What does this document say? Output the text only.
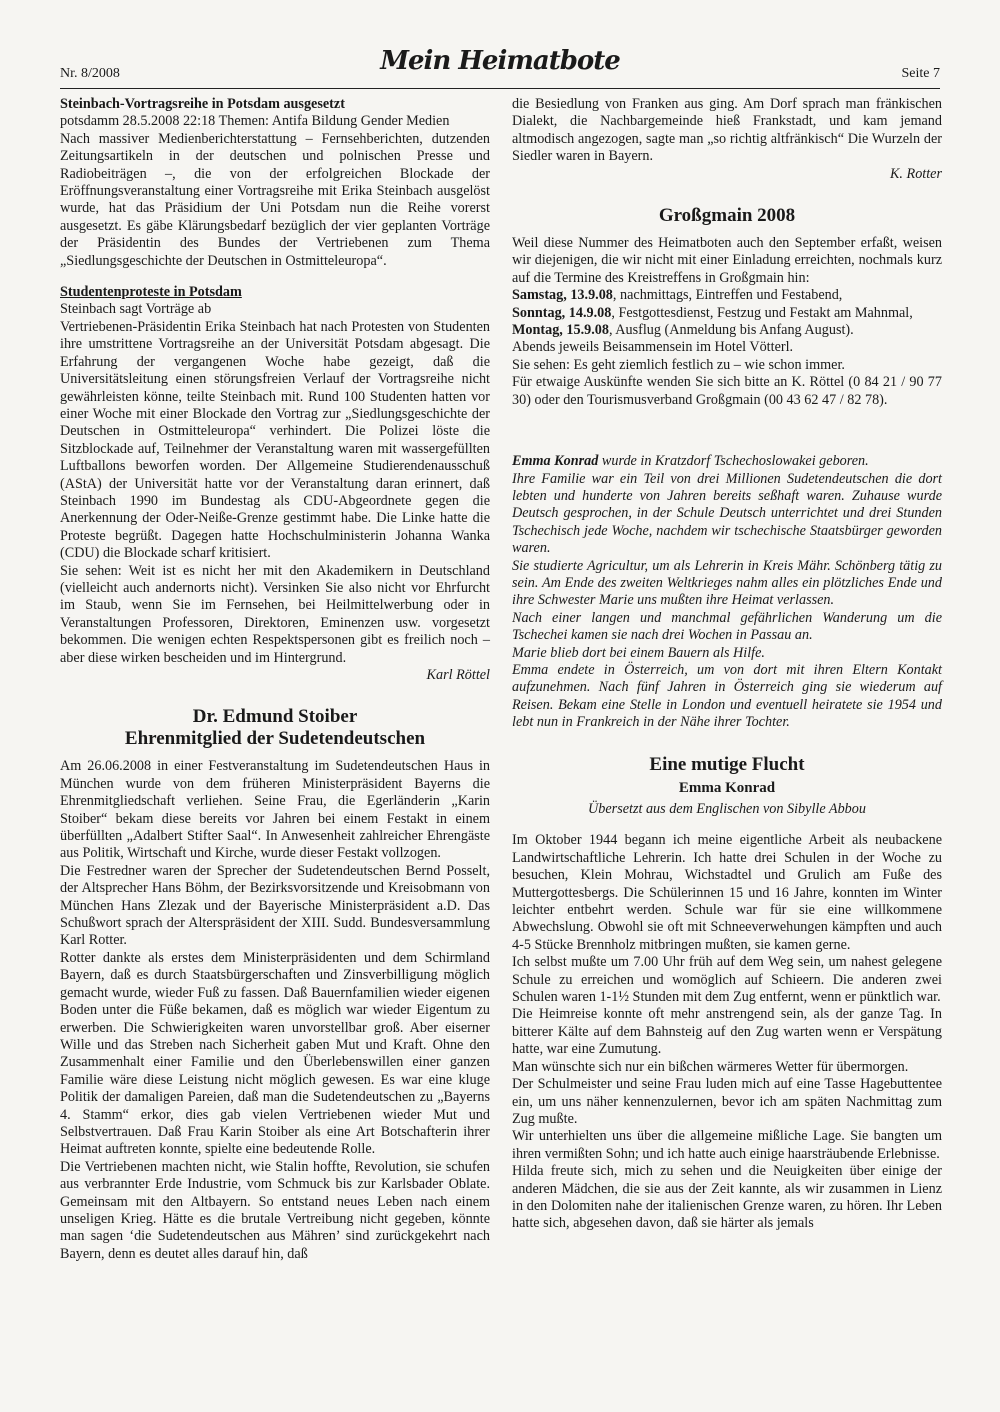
Nr. 8/2008	Mein Heimatbote	Seite 7

Steinbach-Vortragsreihe in Potsdam ausgesetzt

potsdamm 28.5.2008 22:18 Themen: Antifa Bildung Gender Medien

Nach massiver Medienberichterstattung – Fernsehberichten, dutzenden Zeitungsartikeln in der deutschen und polnischen Presse und Radiobeiträgen –, die von der erfolgreichen Blockade der Eröffnungsveranstaltung einer Vortragsreihe mit Erika Steinbach ausgelöst wurde, hat das Präsidium der Uni Potsdam nun die Reihe vorerst ausgesetzt. Es gäbe Klärungsbedarf bezüglich der vier geplanten Vorträge der Präsidentin des Bundes der Vertriebenen zum Thema „Siedlungsgeschichte der Deutschen in Ostmitteleuropa“.

Studentenproteste in Potsdam

Steinbach sagt Vorträge ab

Vertriebenen-Präsidentin Erika Steinbach hat nach Protesten von Studenten ihre umstrittene Vortragsreihe an der Universität Potsdam abgesagt. Die Erfahrung der vergangenen Woche habe gezeigt, daß die Universitätsleitung einen störungsfreien Verlauf der Vortragsreihe nicht gewährleisten könne, teilte Steinbach mit. Rund 100 Studenten hatten vor einer Woche mit einer Blockade den Vortrag zur „Siedlungsgeschichte der Deutschen in Ostmitteleuropa“ verhindert. Die Polizei löste die Sitzblockade auf, Teilnehmer der Veranstaltung waren mit wassergefüllten Luftballons beworfen worden. Der Allgemeine Studierendenausschuß (AStA) der Universität hatte vor der Veranstaltung daran erinnert, daß Steinbach 1990 im Bundestag als CDU-Abgeordnete gegen die Anerkennung der Oder-Neiße-Grenze gestimmt habe. Die Linke hatte die Proteste begrüßt. Dagegen hatte Hochschulministerin Johanna Wanka (CDU) die Blockade scharf kritisiert.

Sie sehen: Weit ist es nicht her mit den Akademikern in Deutschland (vielleicht auch andernorts nicht). Versinken Sie also nicht vor Ehrfurcht im Staub, wenn Sie im Fernsehen, bei Heilmittelwerbung oder in Veranstaltungen Professoren, Direktoren, Eminenzen usw. vorgesetzt bekommen. Die wenigen echten Respektspersonen gibt es freilich noch – aber diese wirken bescheiden und im Hintergrund.

Karl Röttel

Dr. Edmund Stoiber

Ehrenmitglied der Sudetendeutschen

Am 26.06.2008 in einer Festveranstaltung im Sudetendeutschen Haus in München wurde von dem früheren Ministerpräsident Bayerns die Ehrenmitgliedschaft verliehen. Seine Frau, die Egerländerin „Karin Stoiber“ bekam diese bereits vor Jahren bei einem Festakt in einem überfüllten „Adalbert Stifter Saal“. In Anwesenheit zahlreicher Ehrengäste aus Politik, Wirtschaft und Kirche, wurde dieser Festakt vollzogen.

Die Festredner waren der Sprecher der Sudetendeutschen Bernd Posselt, der Altsprecher Hans Böhm, der Bezirksvorsitzende und Kreisobmann von München Hans Zlezak und der Bayerische Ministerpräsident a.D. Das Schußwort sprach der Alterspräsident der XIII. Sudd. Bundesversammlung Karl Rotter.

Rotter dankte als erstes dem Ministerpräsidenten und dem Schirmland Bayern, daß es durch Staatsbürgerschaften und Zinsverbilligung möglich gemacht wurde, wieder Fuß zu fassen. Daß Bauernfamilien wieder eigenen Boden unter die Füße bekamen, daß es möglich war wieder Eigentum zu erwerben. Die Schwierigkeiten waren unvorstellbar groß. Aber eiserner Wille und das Streben nach Sicherheit gaben Mut und Kraft. Ohne den Zusammenhalt einer Familie und den Überlebenswillen einer ganzen Familie wäre diese Leistung nicht möglich gewesen. Es war eine kluge Politik der damaligen Pareien, daß man die Sudetendeutschen zu „Bayerns 4. Stamm“ erkor, dies gab vielen Vertriebenen wieder Mut und Selbstvertrauen. Daß Frau Karin Stoiber als eine Art Botschafterin ihrer Heimat auftreten konnte, spielte eine bedeutende Rolle.

Die Vertriebenen machten nicht, wie Stalin hoffte, Revolution, sie schufen aus verbrannter Erde Industrie, vom Schmuck bis zur Karlsbader Oblate. Gemeinsam mit den Altbayern. So entstand neues Leben nach einem unseligen Krieg. Hätte es die brutale Vertreibung nicht gegeben, könnte man sagen ‘die Sudetendeutschen aus Mähren’ sind zurückgekehrt nach Bayern, denn es deutet alles darauf hin, daß

die Besiedlung von Franken aus ging. Am Dorf sprach man fränkischen Dialekt, die Nachbargemeinde hieß Frankstadt, und kam jemand altmodisch angezogen, sagte man „so richtig altfränkisch“ Die Wurzeln der Siedler waren in Bayern.

K. Rotter

Großgmain 2008

Weil diese Nummer des Heimatboten auch den September erfaßt, weisen wir diejenigen, die wir nicht mit einer Einladung erreichten, nochmals kurz auf die Termine des Kreistreffens in Großgmain hin:

Samstag, 13.9.08, nachmittags, Eintreffen und Festabend,

Sonntag, 14.9.08, Festgottesdienst, Festzug und Festakt am Mahnmal,

Montag, 15.9.08, Ausflug (Anmeldung bis Anfang August).

Abends jeweils Beisammensein im Hotel Vötterl.

Sie sehen: Es geht ziemlich festlich zu – wie schon immer.

Für etwaige Auskünfte wenden Sie sich bitte an K. Röttel (0 84 21 / 90 77 30) oder den Tourismusverband Großgmain (00 43 62 47 / 82 78).

Emma Konrad wurde in Kratzdorf Tschechoslowakei geboren.

Ihre Familie war ein Teil von drei Millionen Sudetendeutschen die dort lebten und hunderte von Jahren bereits seßhaft waren. Zuhause wurde Deutsch gesprochen, in der Schule Deutsch unterrichtet und drei Stunden Tschechisch jede Woche, nachdem wir tschechische Staatsbürger geworden waren.

Sie studierte Agricultur, um als Lehrerin in Kreis Mähr. Schönberg tätig zu sein. Am Ende des zweiten Weltkrieges nahm alles ein plötzliches Ende und ihre Schwester Marie uns mußten ihre Heimat verlassen.

Nach einer langen und manchmal gefährlichen Wanderung um die Tschechei kamen sie nach drei Wochen in Passau an.

Marie blieb dort bei einem Bauern als Hilfe.

Emma endete in Österreich, um von dort mit ihren Eltern Kontakt aufzunehmen. Nach fünf Jahren in Österreich ging sie wiederum auf Reisen. Bekam eine Stelle in London und eventuell heiratete sie 1954 und lebt nun in Frankreich in der Nähe ihrer Tochter.

Eine mutige Flucht

Emma Konrad

Übersetzt aus dem Englischen von Sibylle Abbou

Im Oktober 1944 begann ich meine eigentliche Arbeit als neubackene Landwirtschaftliche Lehrerin. Ich hatte drei Schulen in der Woche zu besuchen, Klein Mohrau, Wichstadtel und Grulich am Fuße des Muttergottesbergs. Die Schülerinnen 15 und 16 Jahre, konnten im Winter leichter entbehrt werden. Schule war für sie eine willkommene Abwechslung. Obwohl sie oft mit Schneeverwehungen kämpften und auch 4-5 Stücke Brennholz mitbringen mußten, sie kamen gerne.

Ich selbst mußte um 7.00 Uhr früh auf dem Weg sein, um nahest gelegene Schule zu erreichen und womöglich auf Schieern. Die anderen zwei Schulen waren 1-1½ Stunden mit dem Zug entfernt, wenn er pünktlich war.

Die Heimreise konnte oft mehr anstrengend sein, als der ganze Tag. In bitterer Kälte auf dem Bahnsteig auf den Zug warten wenn er Verspätung hatte, war eine Zumutung.

Man wünschte sich nur ein bißchen wärmeres Wetter für übermorgen.

Der Schulmeister und seine Frau luden mich auf eine Tasse Hagebuttentee ein, um uns näher kennenzulernen, bevor ich am späten Nachmittag zum Zug mußte.

Wir unterhielten uns über die allgemeine mißliche Lage. Sie bangten um ihren vermißten Sohn; und ich hatte auch einige haarsträubende Erlebnisse.

Hilda freute sich, mich zu sehen und die Neuigkeiten über einige der anderen Mädchen, die sie aus der Zeit kannte, als wir zusammen in Lienz in den Dolomiten nahe der italienischen Grenze waren, zu hören. Ihr Leben hatte sich, abgesehen davon, daß sie härter als jemals
